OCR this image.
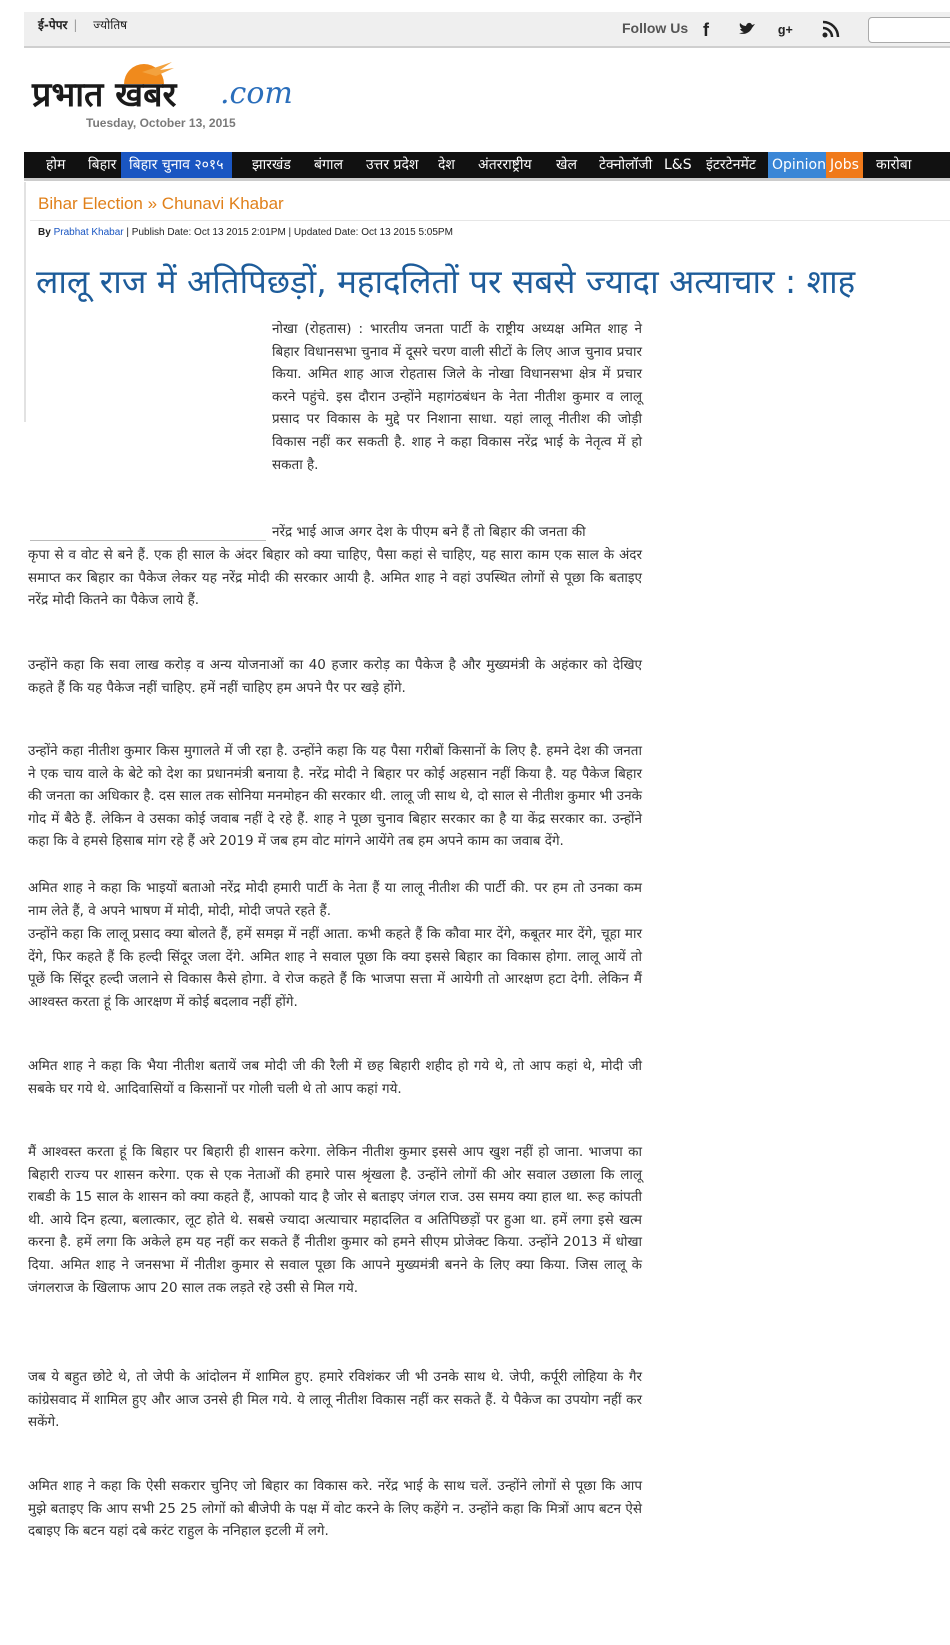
ई-पेपर | ज्योतिष	Follow Us f	g+
प्रभात खबर .com
Tuesday, October 13, 2015
होम	बिहार बिहार चुनाव २०१५	झारखंड	बंगाल	उत्तर प्रदेश	देश	अंतरराष्ट्रीय	खेल	टेक्नोलॉजी L&S	इंटरटेनमेंट	Opinion Jobs	कारोबा
Bihar Election » Chunavi Khabar
By Prabhat Khabar | Publish Date: Oct 13 2015 2:01PM | Updated Date: Oct 13 2015 5:05PM
लालू राज में अतिपिछड़ों, महादलितों पर सबसे ज्यादा अत्याचार : शाह

नोखा (रोहतास) : भारतीय जनता पार्टी के राष्ट्रीय अध्यक्ष अमित शाह ने बिहार विधानसभा चुनाव में दूसरे चरण वाली सीटों के लिए आज चुनाव प्रचार किया. अमित शाह आज रोहतास जिले के नोखा विधानसभा क्षेत्र में प्रचार करने पहुंचे. इस दौरान उन्होंने महागंठबंधन के नेता नीतीश कुमार व लालू प्रसाद पर विकास के मुद्दे पर निशाना साधा. यहां लालू नीतीश की जोड़ी विकास नहीं कर सकती है. शाह ने कहा विकास नरेंद्र भाई के नेतृत्व में हो सकता है.

नरेंद्र भाई आज अगर देश के पीएम बने हैं तो बिहार की जनता की

कृपा से व वोट से बने हैं. एक ही साल के अंदर बिहार को क्या चाहिए, पैसा कहां से चाहिए, यह सारा काम एक साल के अंदर समाप्त कर बिहार का पैकेज लेकर यह नरेंद्र मोदी की सरकार आयी है. अमित शाह ने वहां उपस्थित लोगों से पूछा कि बताइए नरेंद्र मोदी कितने का पैकेज लाये हैं.

उन्होंने कहा कि सवा लाख करोड़ व अन्य योजनाओं का 40 हजार करोड़ का पैकेज है और मुख्यमंत्री के अहंकार को देखिए कहते हैं कि यह पैकेज नहीं चाहिए. हमें नहीं चाहिए हम अपने पैर पर खड़े होंगे.

उन्होंने कहा नीतीश कुमार किस मुगालते में जी रहा है. उन्होंने कहा कि यह पैसा गरीबों किसानों के लिए है. हमने देश की जनता ने एक चाय वाले के बेटे को देश का प्रधानमंत्री बनाया है. नरेंद्र मोदी ने बिहार पर कोई अहसान नहीं किया है. यह पैकेज बिहार की जनता का अधिकार है. दस साल तक सोनिया मनमोहन की सरकार थी. लालू जी साथ थे, दो साल से नीतीश कुमार भी उनके गोद में बैठे हैं. लेकिन वे उसका कोई जवाब नहीं दे रहे हैं. शाह ने पूछा चुनाव बिहार सरकार का है या केंद्र सरकार का. उन्होंने कहा कि वे हमसे हिसाब मांग रहे हैं अरे 2019 में जब हम वोट मांगने आयेंगे तब हम अपने काम का जवाब देंगे.

अमित शाह ने कहा कि भाइयों बताओ नरेंद्र मोदी हमारी पार्टी के नेता हैं या लालू नीतीश की पार्टी की. पर हम तो उनका कम नाम लेते हैं, वे अपने भाषण में मोदी, मोदी, मोदी जपते रहते हैं.

उन्होंने कहा कि लालू प्रसाद क्या बोलते हैं, हमें समझ में नहीं आता. कभी कहते हैं कि कौवा मार देंगे, कबूतर मार देंगे, चूहा मार देंगे, फिर कहते हैं कि हल्दी सिंदूर जला देंगे. अमित शाह ने सवाल पूछा कि क्या इससे बिहार का विकास होगा. लालू आयें तो पूछें कि सिंदूर हल्दी जलाने से विकास कैसे होगा. वे रोज कहते हैं कि भाजपा सत्ता में आयेगी तो आरक्षण हटा देगी. लेकिन मैं आश्वस्त करता हूं कि आरक्षण में कोई बदलाव नहीं होंगे.

अमित शाह ने कहा कि भैया नीतीश बतायें जब मोदी जी की रैली में छह बिहारी शहीद हो गये थे, तो आप कहां थे, मोदी जी सबके घर गये थे. आदिवासियों व किसानों पर गोली चली थे तो आप कहां गये.

मैं आश्वस्त करता हूं कि बिहार पर बिहारी ही शासन करेगा. लेकिन नीतीश कुमार इससे आप खुश नहीं हो जाना. भाजपा का बिहारी राज्य पर शासन करेगा. एक से एक नेताओं की हमारे पास श्रृंखला है. उन्होंने लोगों की ओर सवाल उछाला कि लालू राबडी के 15 साल के शासन को क्या कहते हैं, आपको याद है जोर से बताइए जंगल राज. उस समय क्या हाल था. रूह कांपती थी. आये दिन हत्या, बलात्कार, लूट होते थे. सबसे ज्यादा अत्याचार महादलित व अतिपिछड़ों पर हुआ था. हमें लगा इसे खत्म करना है. हमें लगा कि अकेले हम यह नहीं कर सकते हैं नीतीश कुमार को हमने सीएम प्रोजेक्ट किया. उन्होंने 2013 में धोखा दिया. अमित शाह ने जनसभा में नीतीश कुमार से सवाल पूछा कि आपने मुख्यमंत्री बनने के लिए क्या किया. जिस लालू के जंगलराज के खिलाफ आप 20 साल तक लड़ते रहे उसी से मिल गये.

जब ये बहुत छोटे थे, तो जेपी के आंदोलन में शामिल हुए. हमारे रविशंकर जी भी उनके साथ थे. जेपी, कर्पूरी लोहिया के गैर कांग्रेसवाद में शामिल हुए और आज उनसे ही मिल गये. ये लालू नीतीश विकास नहीं कर सकते हैं. ये पैकेज का उपयोग नहीं कर सकेंगे.

अमित शाह ने कहा कि ऐसी सकरार चुनिए जो बिहार का विकास करे. नरेंद्र भाई के साथ चलें. उन्होंने लोगों से पूछा कि आप मुझे बताइए कि आप सभी 25 25 लोगों को बीजेपी के पक्ष में वोट करने के लिए कहेंगे न. उन्होंने कहा कि मित्रों आप बटन ऐसे दबाइए कि बटन यहां दबे करंट राहुल के ननिहाल इटली में लगे.
